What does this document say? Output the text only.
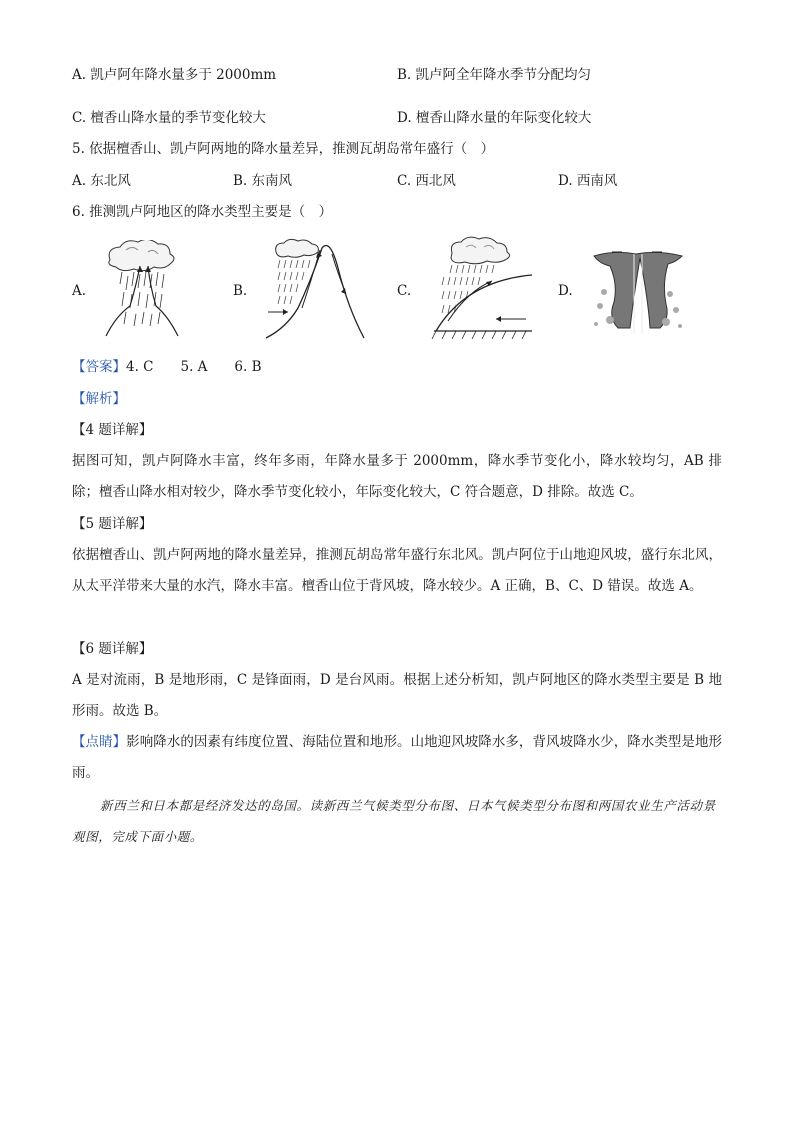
A. 凯卢阿年降水量多于 2000mm	B. 凯卢阿全年降水季节分配均匀
C. 檀香山降水量的季节变化较大	D. 檀香山降水量的年际变化较大
5. 依据檀香山、凯卢阿两地的降水量差异，推测瓦胡岛常年盛行（　）
A. 东北风	B. 东南风	C. 西北风	D. 西南风
6. 推测凯卢阿地区的降水类型主要是（　）
A.	B.	C.	D.
【答案】4. C　　5. A　　6. B
【解析】
【4 题详解】
据图可知，凯卢阿降水丰富，终年多雨，年降水量多于 2000mm，降水季节变化小，降水较均匀，AB 排除；檀香山降水相对较少，降水季节变化较小，年际变化较大，C 符合题意，D 排除。故选 C。
【5 题详解】
依据檀香山、凯卢阿两地的降水量差异，推测瓦胡岛常年盛行东北风。凯卢阿位于山地迎风坡，盛行东北风，从太平洋带来大量的水汽，降水丰富。檀香山位于背风坡，降水较少。A 正确，B、C、D 错误。故选 A。
【6 题详解】
A 是对流雨，B 是地形雨，C 是锋面雨，D 是台风雨。根据上述分析知，凯卢阿地区的降水类型主要是 B 地形雨。故选 B。
【点睛】影响降水的因素有纬度位置、海陆位置和地形。山地迎风坡降水多，背风坡降水少，降水类型是地形雨。
新西兰和日本都是经济发达的岛国。读新西兰气候类型分布图、日本气候类型分布图和两国农业生产活动景观图，完成下面小题。
